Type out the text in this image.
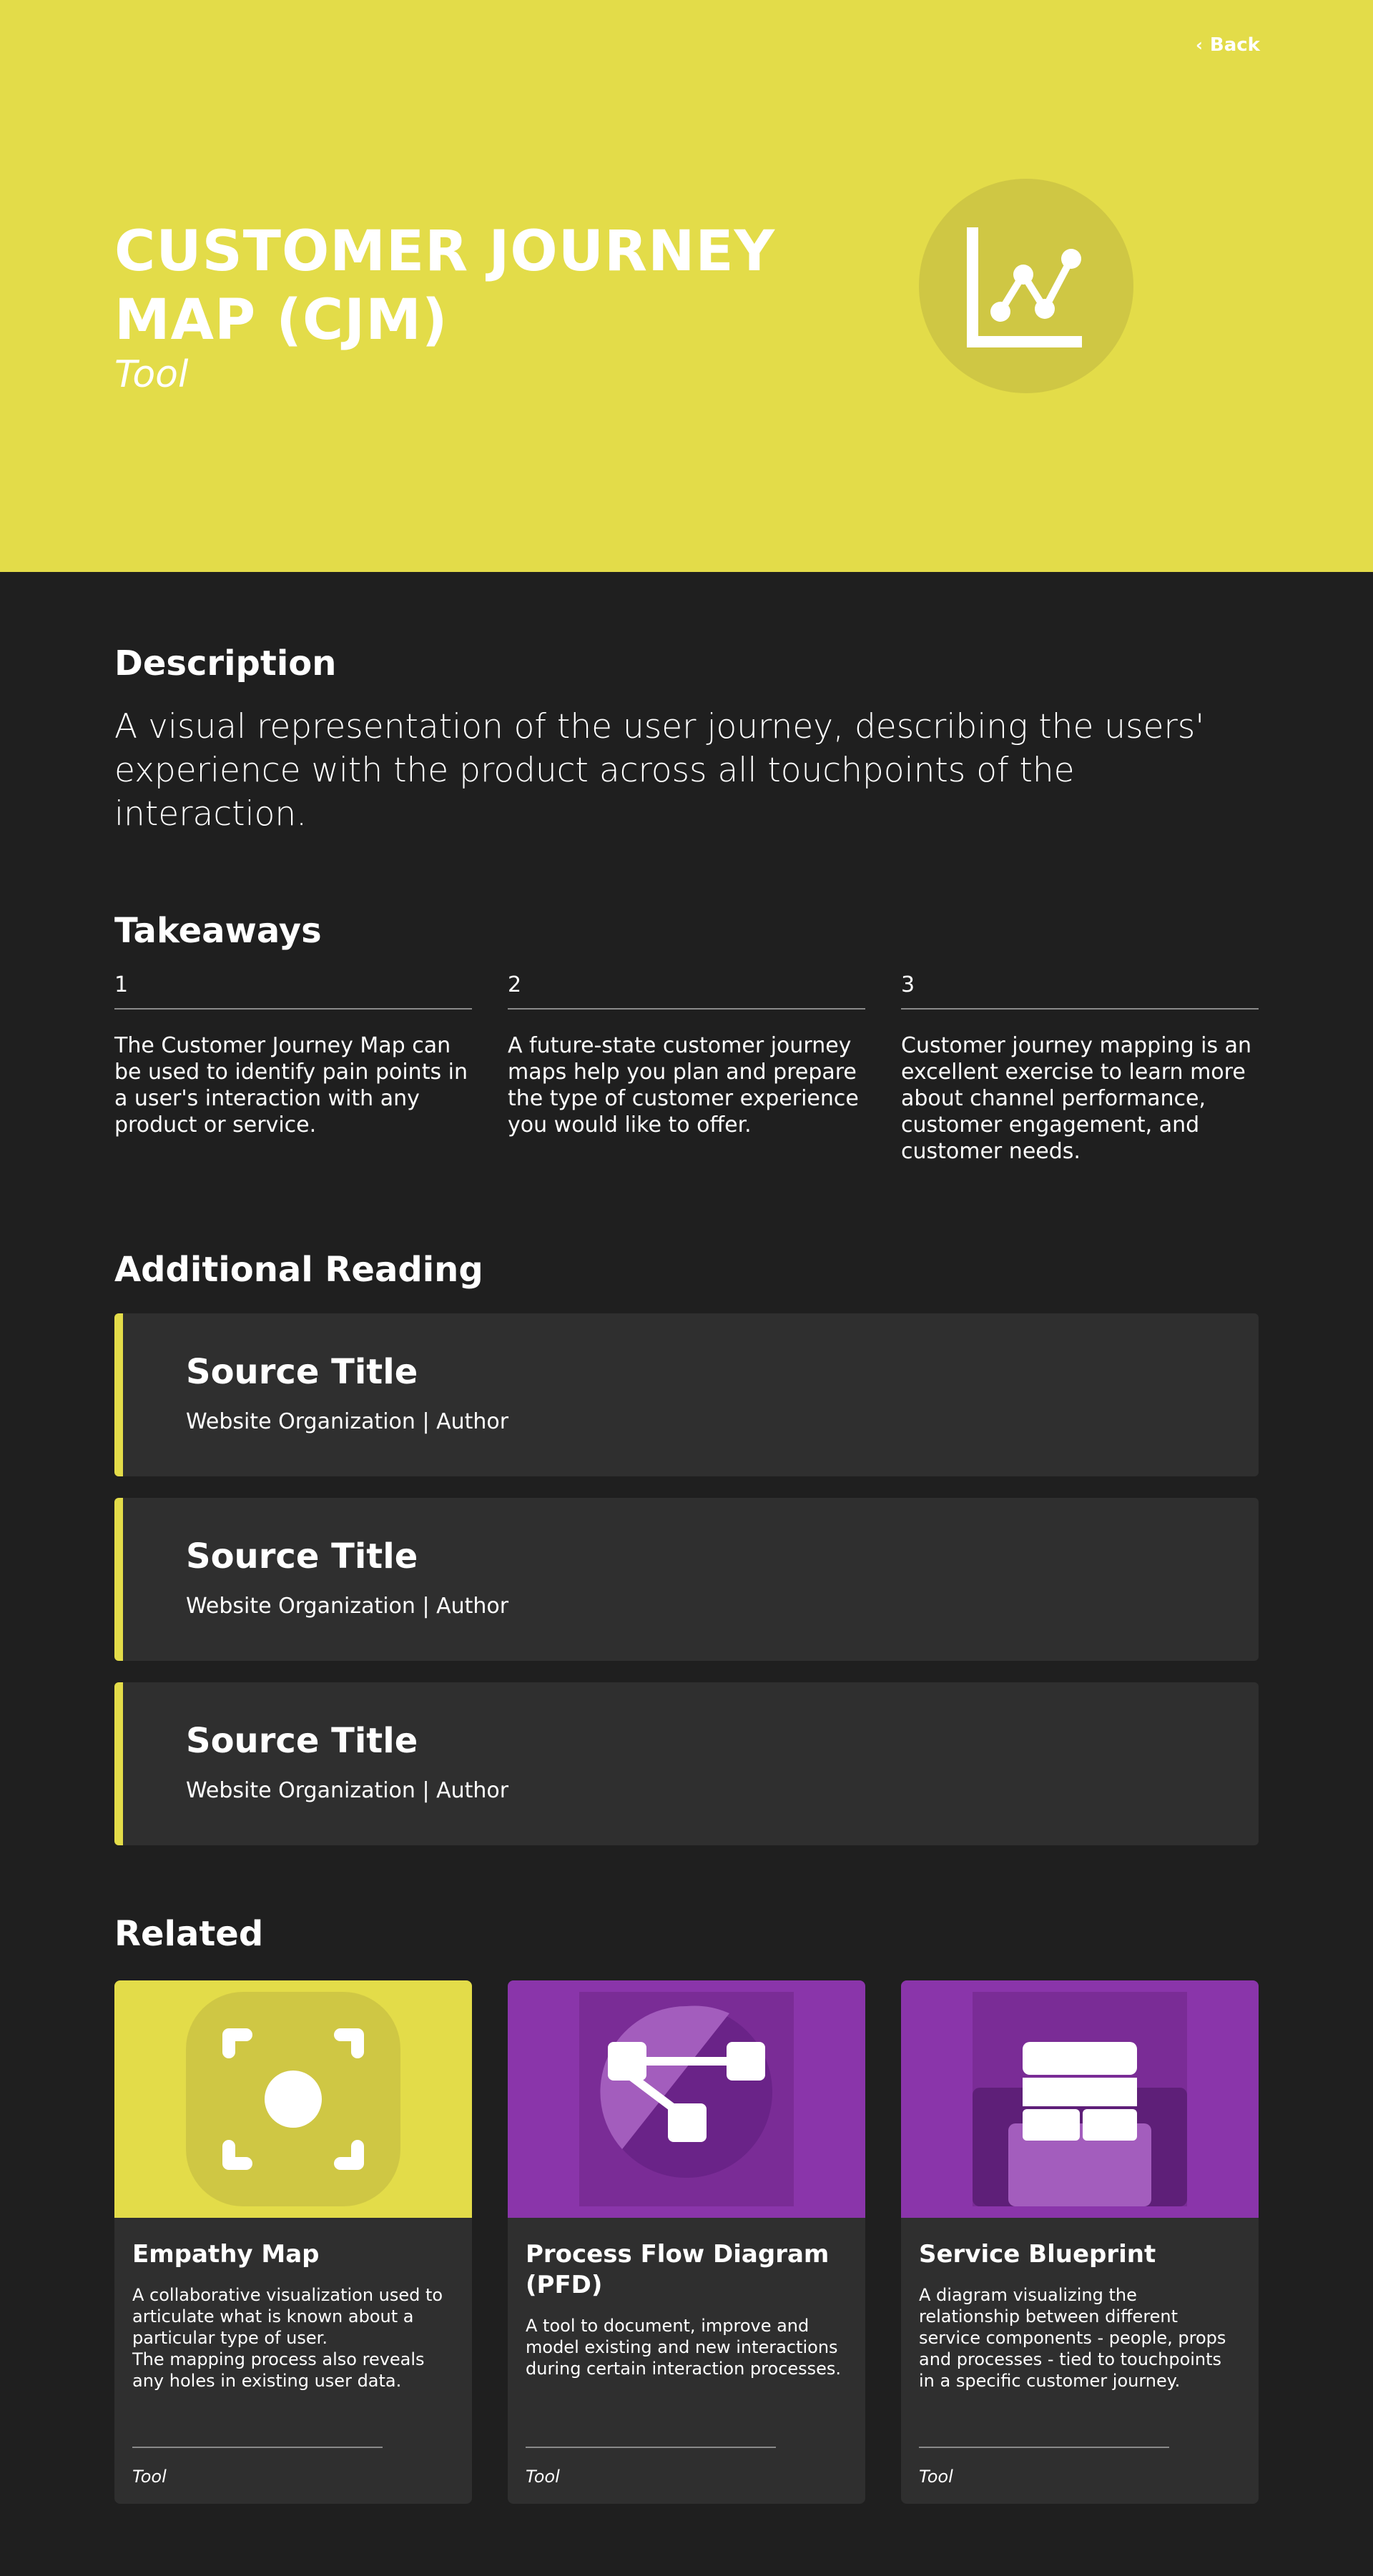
‹ Back
CUSTOMER JOURNEY MAP (CJM)
Tool
Description

A visual representation of the user journey, describing the users' experience with the product across all touchpoints of the interaction.

Takeaways
1
The Customer Journey Map can be used to identify pain points in a user's interaction with any product or service.
2
A future-state customer journey maps help you plan and prepare the type of customer experience you would like to offer.
3
Customer journey mapping is an excellent exercise to learn more about channel performance, customer engagement, and customer needs.
Additional Reading
Source Title
Website Organization | Author
Source Title
Website Organization | Author
Source Title
Website Organization | Author
Related
Empathy Map
A collaborative visualization used to articulate what is known about a particular type of user.
The mapping process also reveals any holes in existing user data.
Tool
Process Flow Diagram (PFD)
A tool to document, improve and model existing and new interactions during certain interaction processes.
Tool
Service Blueprint
A diagram visualizing the relationship between different service components - people, props and processes - tied to touchpoints in a specific customer journey.
Tool
